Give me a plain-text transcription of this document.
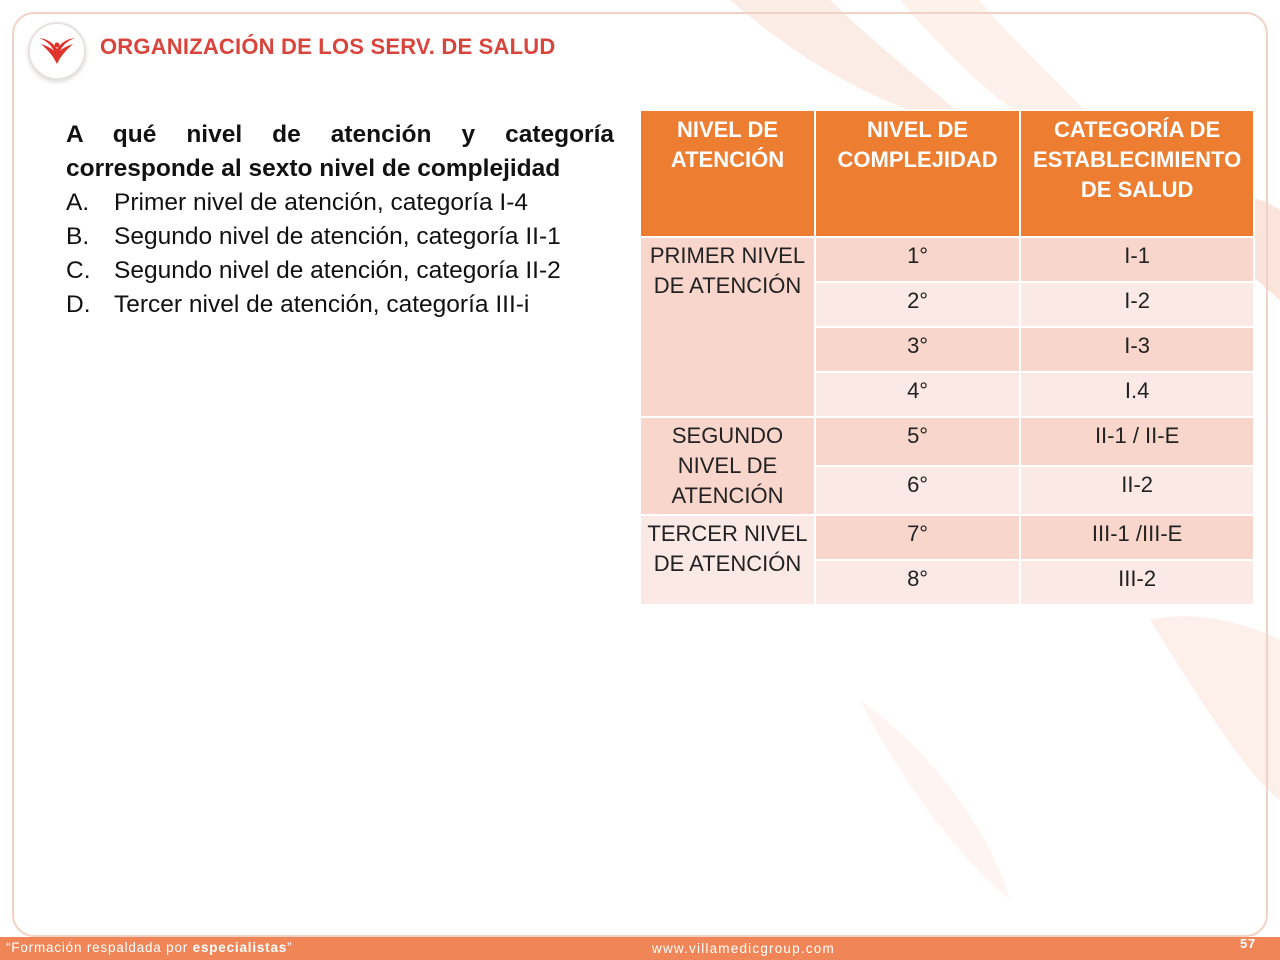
ORGANIZACIÓN DE LOS SERV. DE SALUD

A qué nivel de atención y categoría corresponde al sexto nivel de complejidad

A.	Primer nivel de atención, categoría I-4
B.	Segundo nivel de atención, categoría II-1
C. Segundo nivel de atención, categoría II-2
D. Tercer nivel de atención, categoría III-i
NIVEL DE ATENCIÓN	NIVEL DE COMPLEJIDAD	CATEGORÍA DE ESTABLECIMIENTO DE SALUD
PRIMER NIVEL DE ATENCIÓN	1°	I-1
	2°	I-2
	3°	I-3
	4°	I.4
SEGUNDO NIVEL DE ATENCIÓN	5°	II-1 / II-E
	6°	II-2
TERCER NIVEL DE ATENCIÓN	7°	III-1 /III-E
	8°	III-2
“Formación respaldada por especialistas”	www.villamedicgroup.com	57
